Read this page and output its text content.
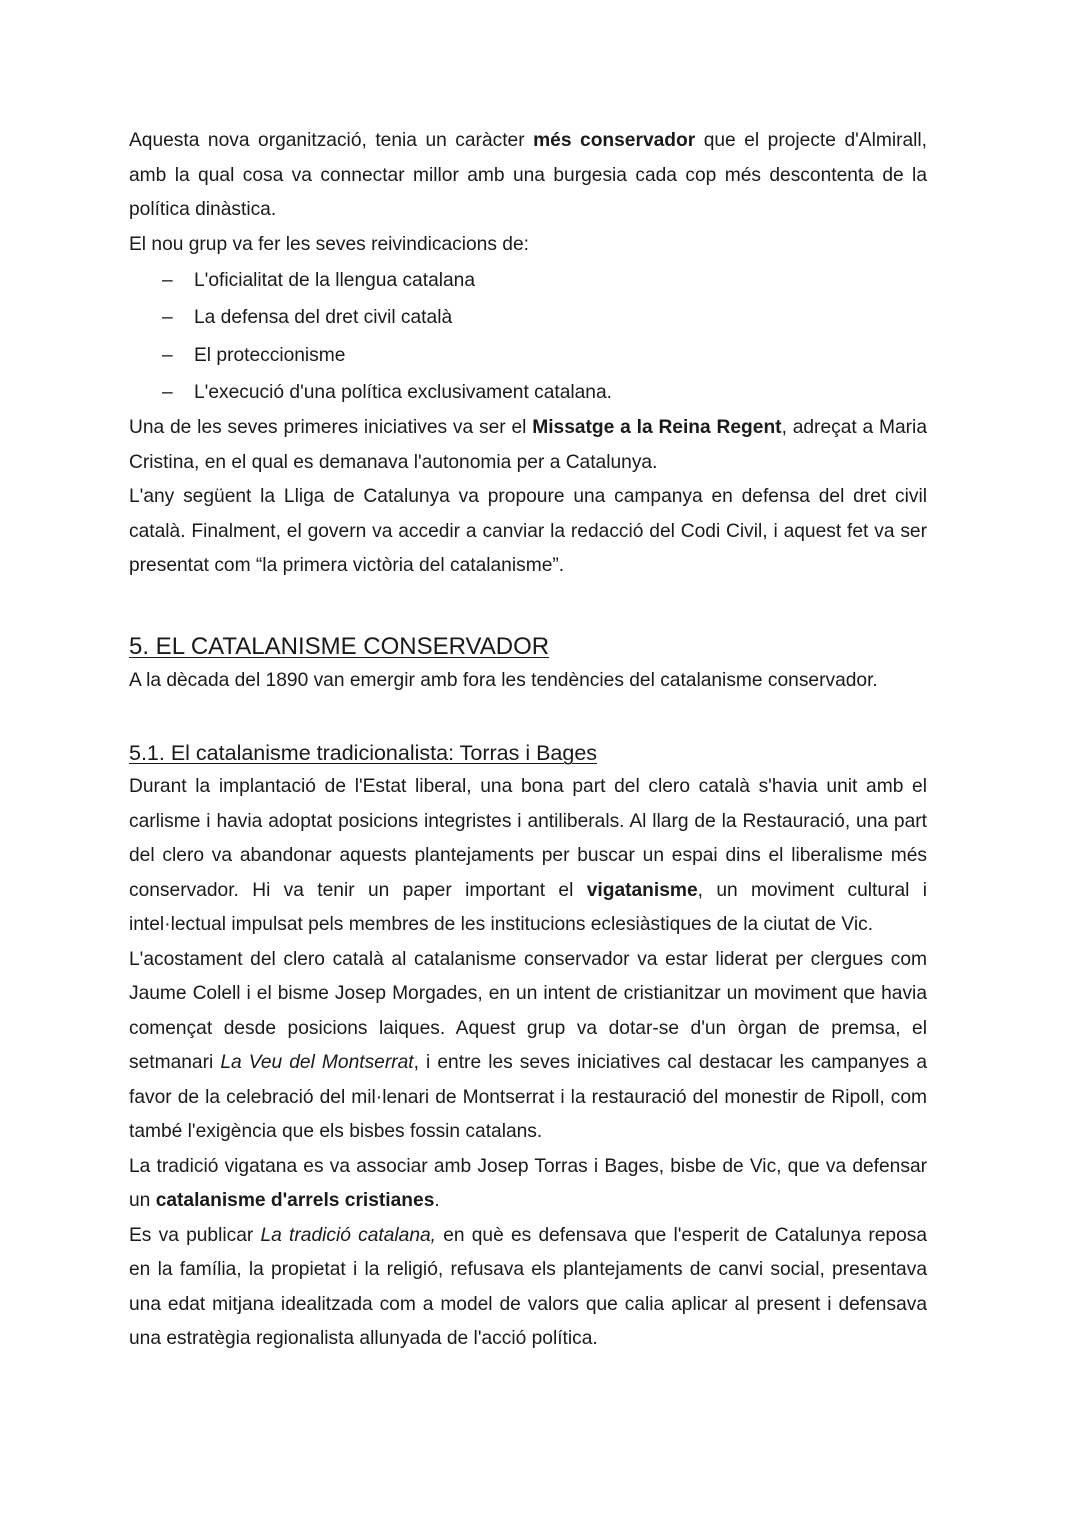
Aquesta nova organització, tenia un caràcter més conservador que el projecte d'Almirall, amb la qual cosa va connectar millor amb una burgesia cada cop més descontenta de la política dinàstica.

El nou grup va fer les seves reivindicacions de:

– L'oficialitat de la llengua catalana
– La defensa del dret civil català
– El proteccionisme
– L'execució d'una política exclusivament catalana.

Una de les seves primeres iniciatives va ser el Missatge a la Reina Regent, adreçat a Maria Cristina, en el qual es demanava l'autonomia per a Catalunya.

L'any següent la Lliga de Catalunya va propoure una campanya en defensa del dret civil català. Finalment, el govern va accedir a canviar la redacció del Codi Civil, i aquest fet va ser presentat com “la primera victòria del catalanisme”.

5. EL CATALANISME CONSERVADOR

A la dècada del 1890 van emergir amb fora les tendències del catalanisme conservador.

5.1. El catalanisme tradicionalista: Torras i Bages

Durant la implantació de l'Estat liberal, una bona part del clero català s'havia unit amb el carlisme i havia adoptat posicions integristes i antiliberals. Al llarg de la Restauració, una part del clero va abandonar aquests plantejaments per buscar un espai dins el liberalisme més conservador. Hi va tenir un paper important el vigatanisme, un moviment cultural i intel·lectual impulsat pels membres de les institucions eclesiàstiques de la ciutat de Vic.

L'acostament del clero català al catalanisme conservador va estar liderat per clergues com Jaume Colell i el bisme Josep Morgades, en un intent de cristianitzar un moviment que havia començat desde posicions laiques. Aquest grup va dotar-se d'un òrgan de premsa, el setmanari La Veu del Montserrat, i entre les seves iniciatives cal destacar les campanyes a favor de la celebració del mil·lenari de Montserrat i la restauració del monestir de Ripoll, com també l'exigència que els bisbes fossin catalans.

La tradició vigatana es va associar amb Josep Torras i Bages, bisbe de Vic, que va defensar un catalanisme d'arrels cristianes.

Es va publicar La tradició catalana, en què es defensava que l'esperit de Catalunya reposa en la família, la propietat i la religió, refusava els plantejaments de canvi social, presentava una edat mitjana idealitzada com a model de valors que calia aplicar al present i defensava una estratègia regionalista allunyada de l'acció política.
